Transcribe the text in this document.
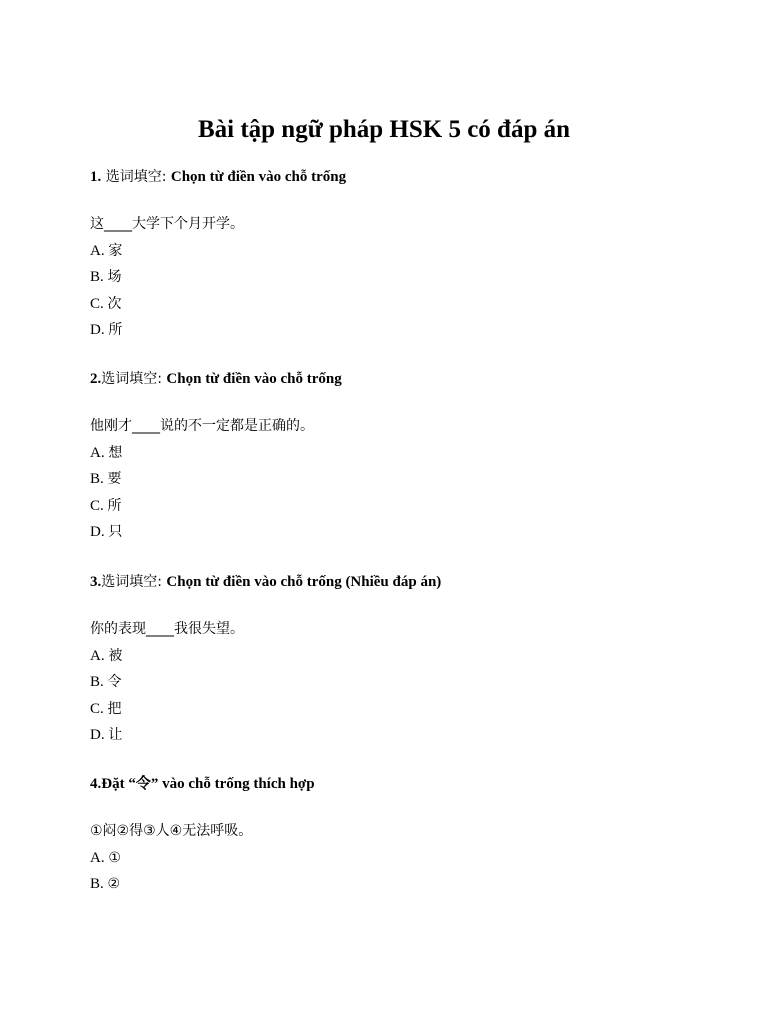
Bài tập ngữ pháp HSK 5 có đáp án
1. 选词填空: Chọn từ điền vào chỗ trống
这____大学下个月开学。
A. 家
B. 场
C. 次
D. 所
2.选词填空: Chọn từ điền vào chỗ trống
他刚才____说的不一定都是正确的。
A. 想
B. 要
C. 所
D. 只
3.选词填空: Chọn từ điền vào chỗ trống (Nhiều đáp án)
你的表现____我很失望。
A. 被
B. 令
C. 把
D. 让
4.Đặt “令” vào chỗ trống thích hợp
①闷②得③人④无法呼吸。
A. ①
B. ②
